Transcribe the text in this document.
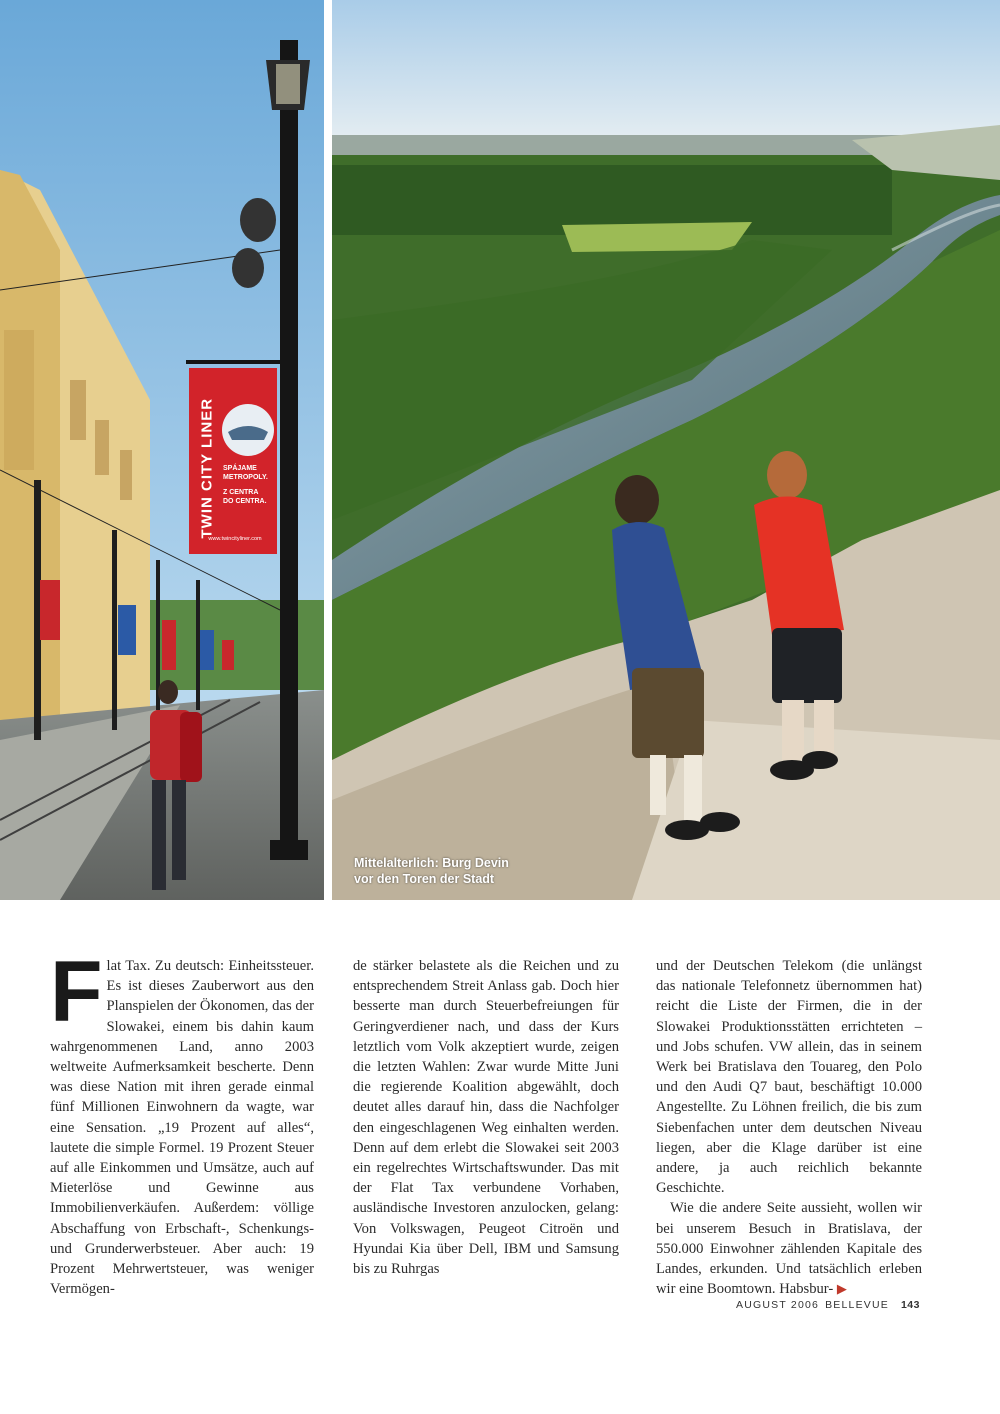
TWIN CITY LINER SPÁJAME
METROPOLY.
Z CENTRA
DO CENTRA.
www.twincityliner.com
Mittelalterlich: Burg Devin
vor den Toren der Stadt

Flat Tax. Zu deutsch: Einheitssteuer. Es ist dieses Zauberwort aus den Planspielen der Ökonomen, das der Slowakei, einem bis dahin kaum wahrgenommenen Land, anno 2003 weltweite Aufmerksamkeit bescherte. Denn was diese Nation mit ihren gerade einmal fünf Millionen Einwohnern da wagte, war eine Sensation. „19 Prozent auf alles“, lautete die simple Formel. 19 Prozent Steuer auf alle Einkommen und Umsätze, auch auf Mieterlöse und Gewinne aus Immobilienverkäufen. Außerdem: völlige Abschaffung von Erbschaft-, Schenkungs- und Grunderwerbsteuer. Aber auch: 19 Prozent Mehrwertsteuer, was weniger Vermögen-

de stärker belastete als die Reichen und zu entsprechendem Streit Anlass gab. Doch hier besserte man durch Steuerbefreiungen für Geringverdiener nach, und dass der Kurs letztlich vom Volk akzeptiert wurde, zeigen die letzten Wahlen: Zwar wurde Mitte Juni die regierende Koalition abgewählt, doch deutet alles darauf hin, dass die Nachfolger den eingeschlagenen Weg einhalten werden. Denn auf dem erlebt die Slowakei seit 2003 ein regelrechtes Wirtschaftswunder. Das mit der Flat Tax verbundene Vorhaben, ausländische Investoren anzulocken, gelang: Von Volkswagen, Peugeot Citroën und Hyundai Kia über Dell, IBM und Samsung bis zu Ruhrgas

und der Deutschen Telekom (die unlängst das nationale Telefonnetz übernommen hat) reicht die Liste der Firmen, die in der Slowakei Produktionsstätten errichteten – und Jobs schufen. VW allein, das in seinem Werk bei Bratislava den Touareg, den Polo und den Audi Q7 baut, beschäftigt 10.000 Angestellte. Zu Löhnen freilich, die bis zum Siebenfachen unter dem deutschen Niveau liegen, aber die Klage darüber ist eine andere, ja auch reichlich bekannte Geschichte.

Wie die andere Seite aussieht, wollen wir bei unserem Besuch in Bratislava, der 550.000 Einwohner zählenden Kapitale des Landes, erkunden. Und tatsächlich erleben wir eine Boomtown. Habsbur- ▶

AUGUST 2006 BELLEVUE 143
